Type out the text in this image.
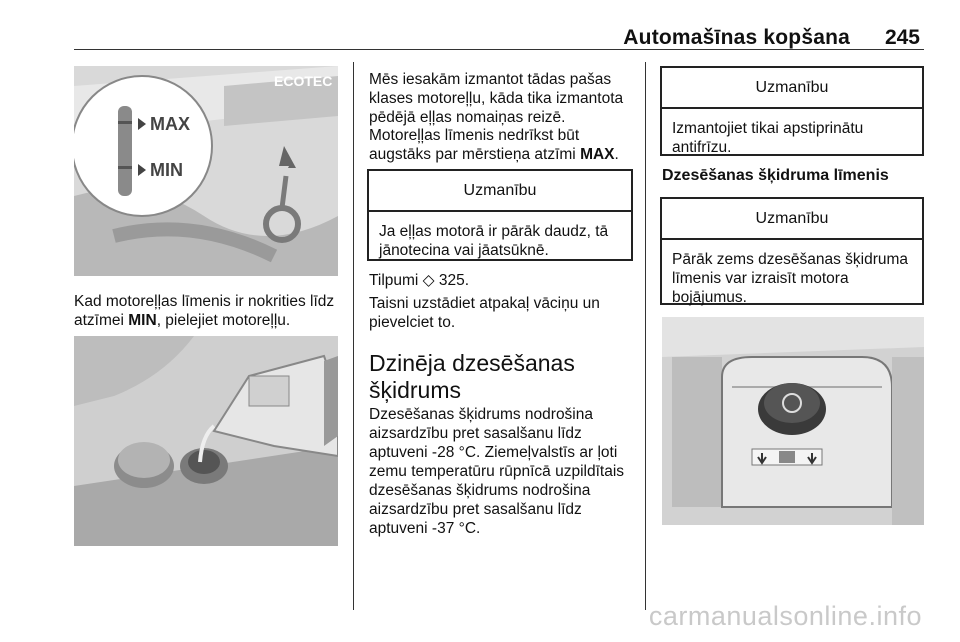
Automašīnas kopšana 245
ECOTEC
MAX
MIN

Kad motoreļļas līmenis ir nokrities līdz atzīmei MIN, pielejiet motoreļļu.

Mēs iesakām izmantot tādas pašas klases motoreļļu, kāda tika izmantota pēdējā eļļas nomaiņas reizē.

Motoreļļas līmenis nedrīkst būt augstāks par mērstieņa atzīmi MAX.

Uzmanību
Ja eļļas motorā ir pārāk daudz, tā jānotecina vai jāatsūknē.

Tilpumi ◇ 325.

Taisni uzstādiet atpakaļ vāciņu un pievelciet to.

Dzinēja dzesēšanas
šķidrums

Dzesēšanas šķidrums nodrošina aizsardzību pret sasalšanu līdz aptuveni -28 °C. Ziemeļvalstīs ar ļoti zemu temperatūru rūpnīcā uzpildītais dzesēšanas šķidrums nodrošina aizsardzību pret sasalšanu līdz aptuveni -37 °C.

Uzmanību
Izmantojiet tikai apstiprinātu antifrīzu.
Dzesēšanas šķidruma līmenis
Uzmanību
Pārāk zems dzesēšanas šķidruma līmenis var izraisīt motora bojājumus.
carmanualsonline.info
